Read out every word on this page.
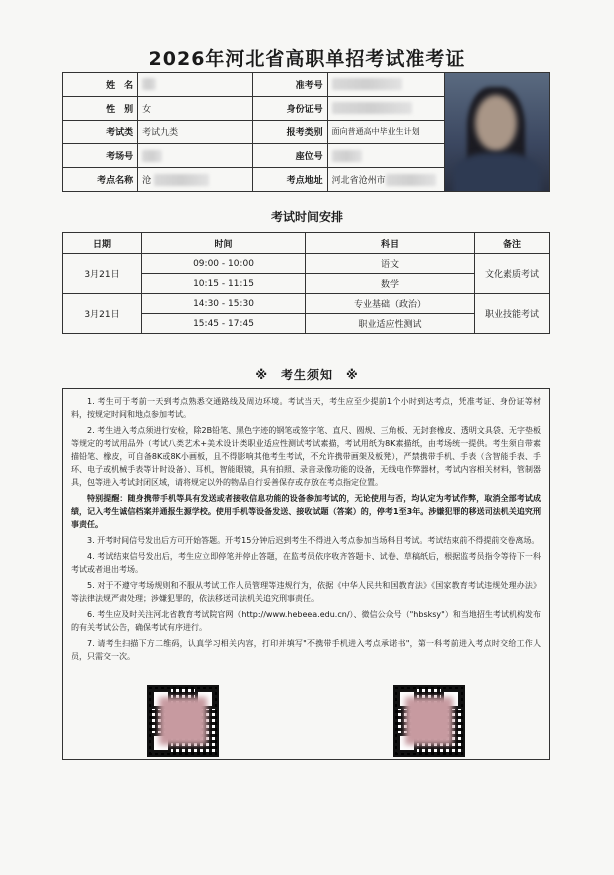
2026年河北省高职单招考试准考证
姓　名		准考号		

性　别	女	身份证号		
考试类	考试九类	报考类别	面向普通高中毕业生计划	
考场号		座位号		
考点名称	沧	考点地址	河北省沧州市	
考试时间安排
日期	时间	科目	备注
3月21日	09:00 - 10:00	语文	文化素质考试
	10:15 - 11:15	数学	
3月21日	14:30 - 15:30	专业基础（政治）	职业技能考试
	15:45 - 17:45	职业适应性测试	
※　考生须知　※

1. 考生可于考前一天到考点熟悉交通路线及周边环境。考试当天，考生应至少提前1个小时到达考点，凭准考证、身份证等材料，按规定时间和地点参加考试。

2. 考生进入考点须进行安检，除2B铅笔、黑色字迹的钢笔或签字笔、直尺、圆规、三角板、无封套橡皮、透明文具袋、无字垫板等规定的考试用品外（考试八类艺术+美术设计类职业适应性测试考试素描，考试用纸为8K素描纸，由考场统一提供。考生须自带素描铅笔、橡皮，可自备8K或8K小画板，且不得影响其他考生考试，不允许携带画架及板凳），严禁携带手机、手表（含智能手表、手环、电子或机械手表等计时设备）、耳机，智能眼镜，具有拍照、录音录像功能的设备，无线电作弊器材，考试内容相关材料，管制器具，包等进入考试封闭区域，请将规定以外的物品自行妥善保存或存放在考点指定位置。

特别提醒：随身携带手机等具有发送或者接收信息功能的设备参加考试的，无论使用与否，均认定为考试作弊，取消全部考试成绩，记入考生诚信档案并通报生源学校。使用手机等设备发送、接收试题（答案）的，停考1至3年。涉嫌犯罪的移送司法机关追究刑事责任。

3. 开考时间信号发出后方可开始答题。开考15分钟后迟到考生不得进入考点参加当场科目考试。考试结束前不得提前交卷离场。

4. 考试结束信号发出后，考生应立即停笔并停止答题，在监考员依序收齐答题卡、试卷、草稿纸后，根据监考员指令等待下一科考试或者退出考场。

5. 对于不遵守考场规则和不服从考试工作人员管理等违规行为，依据《中华人民共和国教育法》《国家教育考试违规处理办法》等法律法规严肃处理；涉嫌犯罪的，依法移送司法机关追究刑事责任。

6. 考生应及时关注河北省教育考试院官网（http://www.hebeea.edu.cn/）、微信公众号（"hbsksy"）和当地招生考试机构发布的有关考试公告，确保考试有序进行。

7. 请考生扫描下方二维码，认真学习相关内容，打印并填写"不携带手机进入考点承诺书"，第一科考前进入考点时交给工作人员，只需交一次。
